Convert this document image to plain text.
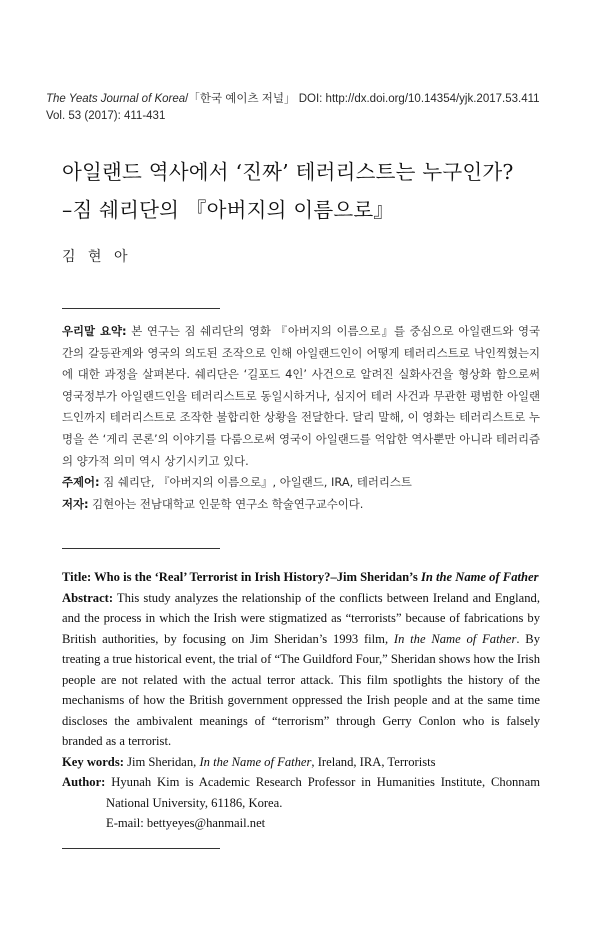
The Yeats Journal of Korea/「한국 예이츠 저널」 DOI: http://dx.doi.org/10.14354/yjk.2017.53.411
Vol. 53 (2017): 411-431
아일랜드 역사에서 ‘진짜’ 테러리스트는 누구인가?
–짐 쉐리단의 『아버지의 이름으로』
김 현 아

우리말 요약: 본 연구는 짐 쉐리단의 영화 『아버지의 이름으로』를 중심으로 아일랜드와 영국 간의 갈등관계와 영국의 의도된 조작으로 인해 아일랜드인이 어떻게 테러리스트로 낙인찍혔는지에 대한 과정을 살펴본다. 쉐리단은 ‘길포드 4인’ 사건으로 알려진 실화사건을 형상화 함으로써 영국정부가 아일랜드인을 테러리스트로 동일시하거나, 심지어 테러 사건과 무관한 평범한 아일랜드인까지 테러리스트로 조작한 불합리한 상황을 전달한다. 달리 말해, 이 영화는 테러리스트로 누명을 쓴 ‘게리 콘론’의 이야기를 다룸으로써 영국이 아일랜드를 억압한 역사뿐만 아니라 테러리즘의 양가적 의미 역시 상기시키고 있다.

주제어: 짐 쉐리단, 『아버지의 이름으로』, 아일랜드, IRA, 테러리스트

저자: 김현아는 전남대학교 인문학 연구소 학술연구교수이다.

Title: Who is the ‘Real’ Terrorist in Irish History?–Jim Sheridan’s In the Name of Father

Abstract: This study analyzes the relationship of the conflicts between Ireland and England, and the process in which the Irish were stigmatized as “terrorists” because of fabrications by British authorities, by focusing on Jim Sheridan’s 1993 film, In the Name of Father. By treating a true historical event, the trial of “The Guildford Four,” Sheridan shows how the Irish people are not related with the actual terror attack. This film spotlights the history of the mechanisms of how the British government oppressed the Irish people and at the same time discloses the ambivalent meanings of “terrorism” through Gerry Conlon who is falsely branded as a terrorist.

Key words: Jim Sheridan, In the Name of Father, Ireland, IRA, Terrorists

Author: Hyunah Kim is Academic Research Professor in Humanities Institute, Chonnam National University, 61186, Korea.

E-mail: bettyeyes@hanmail.net
